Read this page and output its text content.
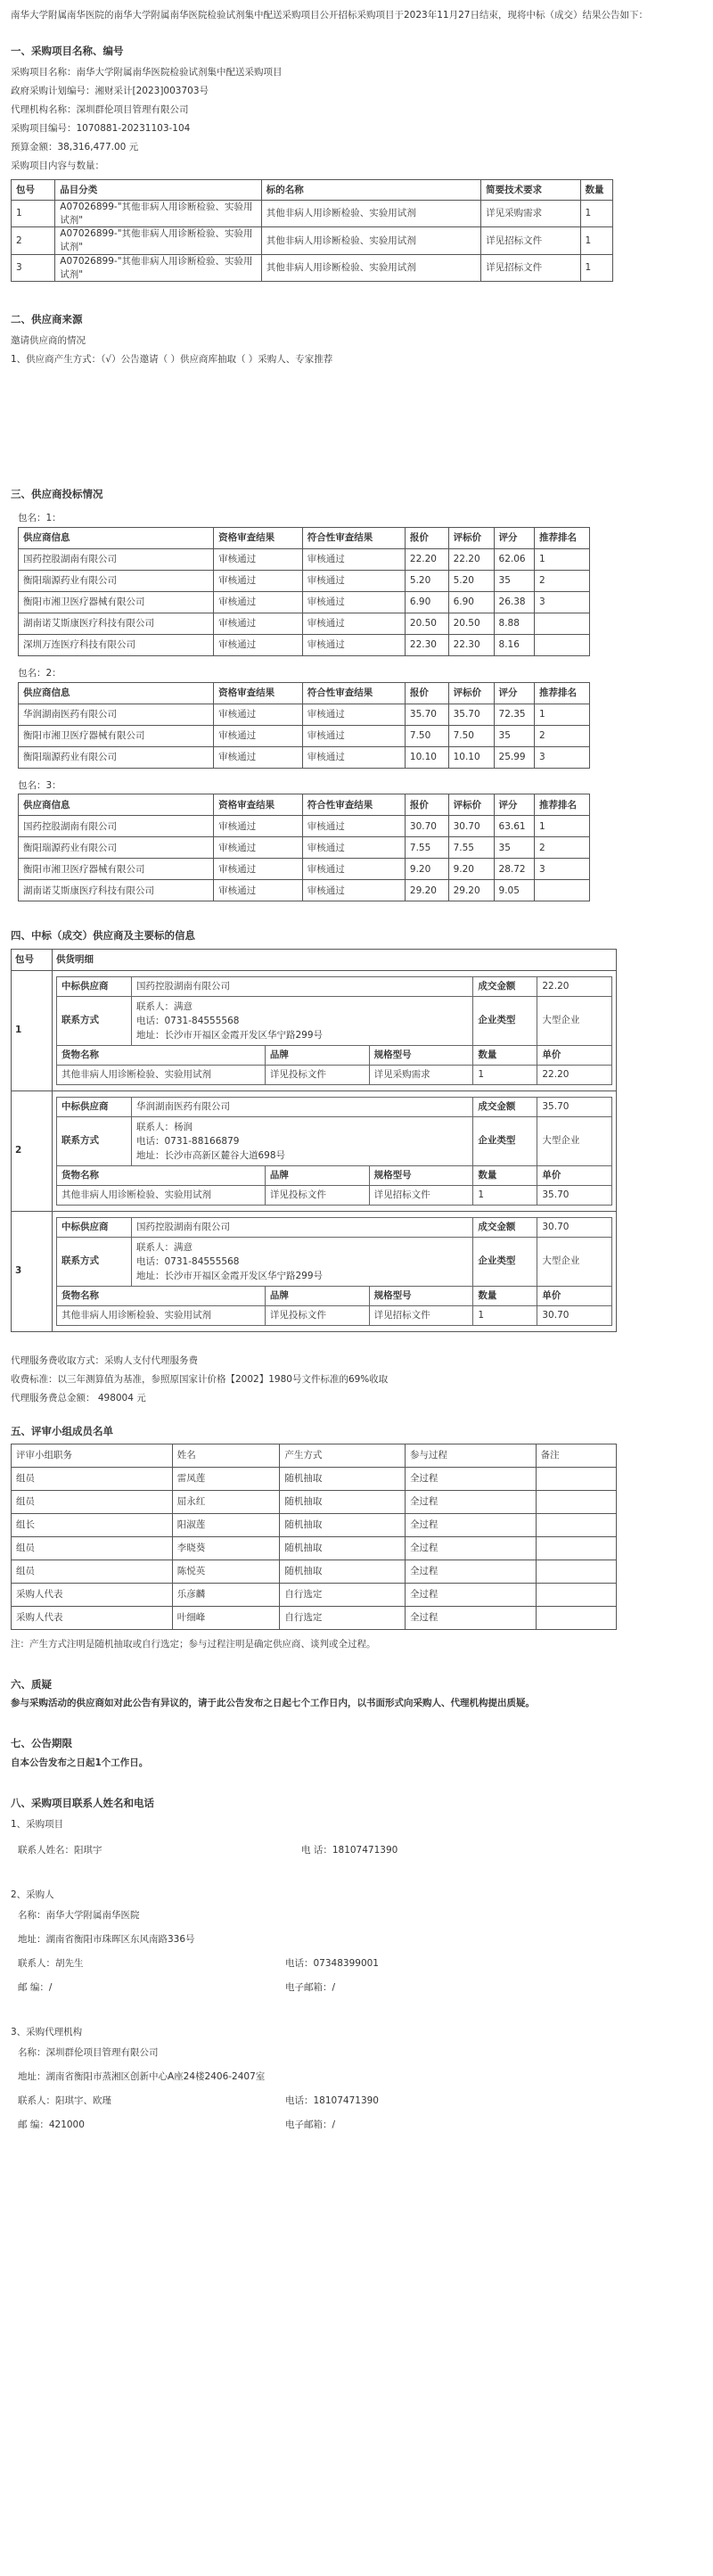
南华大学附属南华医院的南华大学附属南华医院检验试剂集中配送采购项目公开招标采购项目于2023年11月27日结束，现将中标（成交）结果公告如下：

一、采购项目名称、编号
采购项目名称：南华大学附属南华医院检验试剂集中配送采购项目
政府采购计划编号：湘财采计[2023]003703号
代理机构名称：深圳群伦项目管理有限公司
采购项目编号：1070881-20231103-104
预算金额：38,316,477.00 元
采购项目内容与数量：
包号	品目分类	标的名称	简要技术要求	数量
1	A07026899-"其他非病人用诊断检验、实验用试剂"	其他非病人用诊断检验、实验用试剂	详见采购需求	1
2	A07026899-"其他非病人用诊断检验、实验用试剂"	其他非病人用诊断检验、实验用试剂	详见招标文件	1
3	A07026899-"其他非病人用诊断检验、实验用试剂"	其他非病人用诊断检验、实验用试剂	详见招标文件	1
二、供应商来源
邀请供应商的情况
1、供应商产生方式：（√）公告邀请（ ）供应商库抽取（ ）采购人、专家推荐
三、供应商投标情况
包名：1：
供应商信息	资格审查结果	符合性审查结果	报价	评标价	评分	推荐排名
国药控股湖南有限公司	审核通过	审核通过	22.20	22.20	62.06	1
衡阳瑞源药业有限公司	审核通过	审核通过	5.20	5.20	35	2
衡阳市湘卫医疗器械有限公司	审核通过	审核通过	6.90	6.90	26.38	3
湖南诺艾斯康医疗科技有限公司	审核通过	审核通过	20.50	20.50	8.88	
深圳万连医疗科技有限公司	审核通过	审核通过	22.30	22.30	8.16	
包名：2：
供应商信息	资格审查结果	符合性审查结果	报价	评标价	评分	推荐排名
华润湖南医药有限公司	审核通过	审核通过	35.70	35.70	72.35	1
衡阳市湘卫医疗器械有限公司	审核通过	审核通过	7.50	7.50	35	2
衡阳瑞源药业有限公司	审核通过	审核通过	10.10	10.10	25.99	3
包名：3：
供应商信息	资格审查结果	符合性审查结果	报价	评标价	评分	推荐排名
国药控股湖南有限公司	审核通过	审核通过	30.70	30.70	63.61	1
衡阳瑞源药业有限公司	审核通过	审核通过	7.55	7.55	35	2
衡阳市湘卫医疗器械有限公司	审核通过	审核通过	9.20	9.20	28.72	3
湖南诺艾斯康医疗科技有限公司	审核通过	审核通过	29.20	29.20	9.05	
四、中标（成交）供应商及主要标的信息
包号	供货明细
1	
中标供应商	国药控股湖南有限公司	成交金额	22.20
联系方式	
联系人：满意
电话：0731-84555568
地址：长沙市开福区金霞开发区华宁路299号
	企业类型	大型企业
货物名称	品牌	规格型号	数量	单价
其他非病人用诊断检验、实验用试剂	详见投标文件	详见采购需求	1	22.20

2	
中标供应商	华润湖南医药有限公司	成交金额	35.70
联系方式	
联系人：杨润
电话：0731-88166879
地址：长沙市高新区麓谷大道698号
	企业类型	大型企业
货物名称	品牌	规格型号	数量	单价
其他非病人用诊断检验、实验用试剂	详见投标文件	详见招标文件	1	35.70

3	
中标供应商	国药控股湖南有限公司	成交金额	30.70
联系方式	
联系人：满意
电话：0731-84555568
地址：长沙市开福区金霞开发区华宁路299号
	企业类型	大型企业
货物名称	品牌	规格型号	数量	单价
其他非病人用诊断检验、实验用试剂	详见投标文件	详见招标文件	1	30.70
代理服务费收取方式：采购人支付代理服务费
收费标准：以三年测算值为基准，参照原国家计价格【2002】1980号文件标准的69%收取
代理服务费总金额： 498004 元
五、评审小组成员名单
评审小组职务	姓名	产生方式	参与过程	备注
组员	雷凤莲	随机抽取	全过程	
组员	屈永红	随机抽取	全过程	
组长	阳淑莲	随机抽取	全过程	
组员	李晓葵	随机抽取	全过程	
组员	陈悦英	随机抽取	全过程	
采购人代表	乐彦麟	自行选定	全过程	
采购人代表	叶细峰	自行选定	全过程	
注：产生方式注明是随机抽取或自行选定；参与过程注明是确定供应商、谈判或全过程。
六、质疑
参与采购活动的供应商如对此公告有异议的，请于此公告发布之日起七个工作日内，以书面形式向采购人、代理机构提出质疑。
七、公告期限
自本公告发布之日起1个工作日。
八、采购项目联系人姓名和电话
1、采购项目
联系人姓名：阳琪宇	电 话：18107471390
2、采购人
名称：南华大学附属南华医院
地址：湖南省衡阳市珠晖区东风南路336号
联系人：胡先生	电话：07348399001
邮 编：/	电子邮箱：/
3、采购代理机构
名称：深圳群伦项目管理有限公司
地址：湖南省衡阳市蒸湘区创新中心A座24楼2406-2407室
联系人：阳琪宇、欧瑾	电话：18107471390
邮 编：421000	电子邮箱：/
